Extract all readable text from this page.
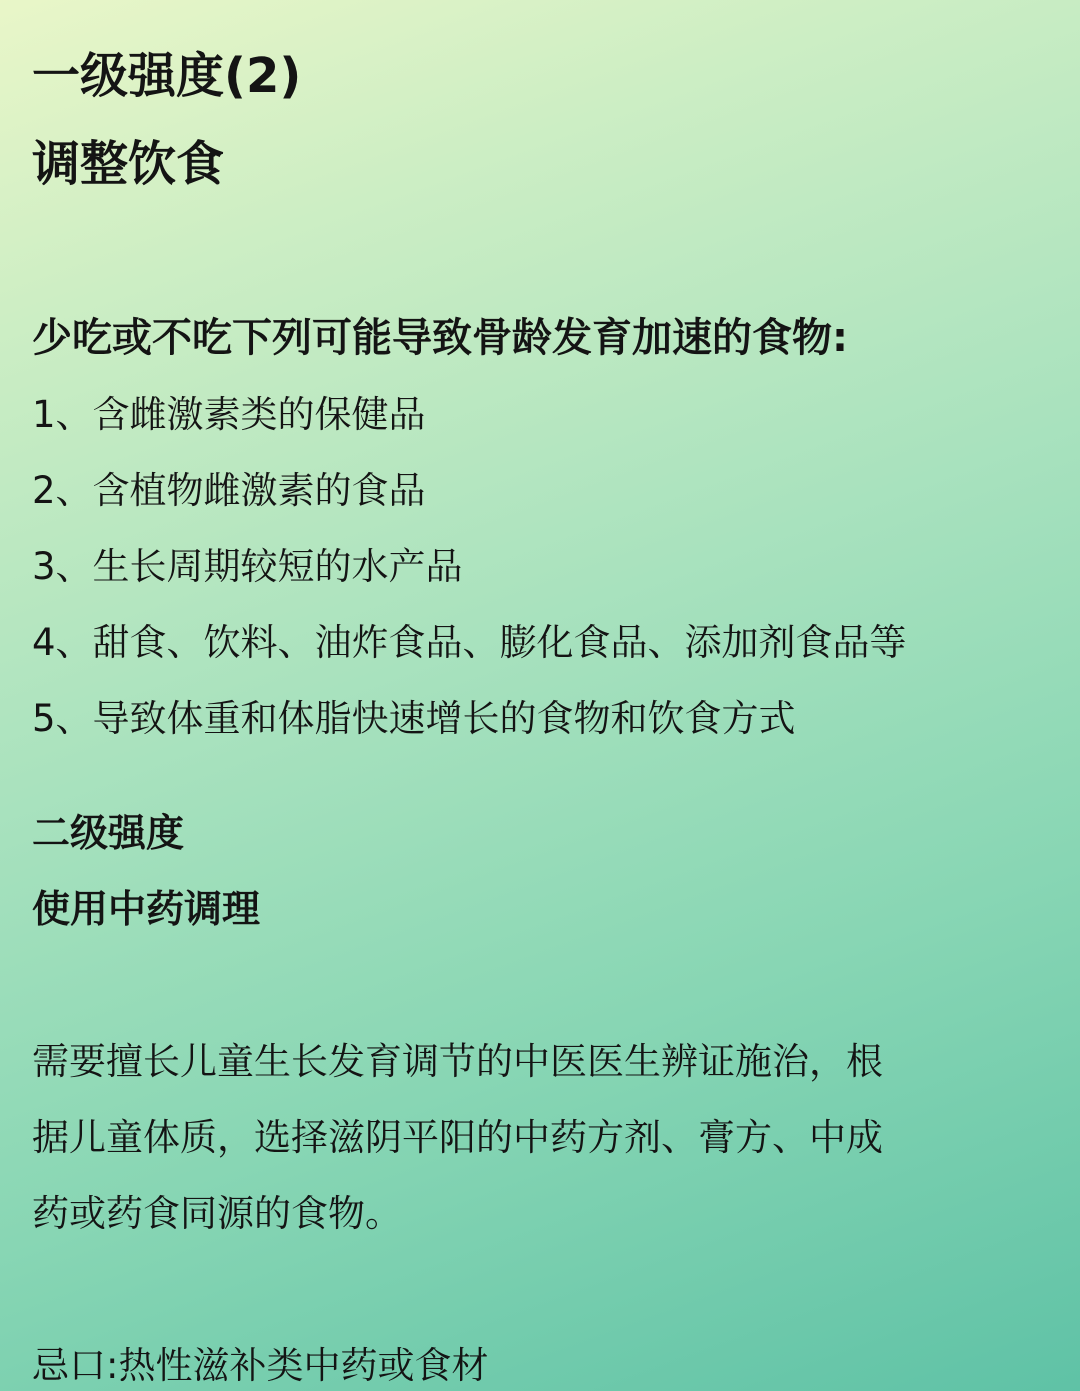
一级强度(2)
调整饮食

少吃或不吃下列可能导致骨龄发育加速的食物:

1、含雌激素类的保健品

2、含植物雌激素的食品

3、生长周期较短的水产品

4、甜食、饮料、油炸食品、膨化食品、添加剂食品等

5、导致体重和体脂快速增长的食物和饮食方式

二级强度
使用中药调理

需要擅长儿童生长发育调节的中医医生辨证施治，根

据儿童体质，选择滋阴平阳的中药方剂、膏方、中成

药或药食同源的食物。

忌口:热性滋补类中药或食材
